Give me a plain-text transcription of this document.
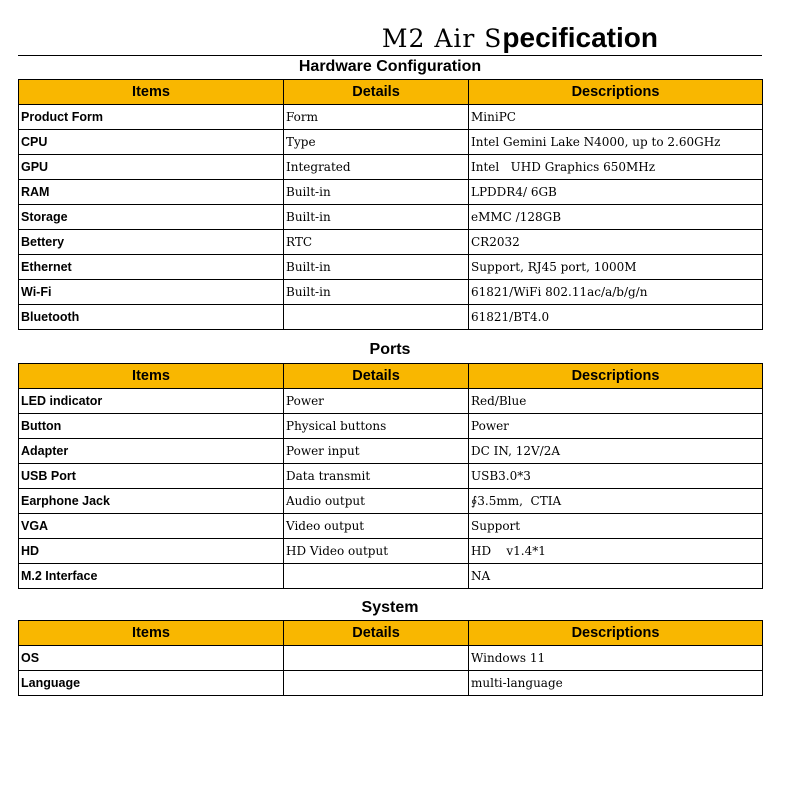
M2 Air Specification
Hardware Configuration
Items	Details	Descriptions
Product Form	Form	MiniPC
CPU	Type	Intel Gemini Lake N4000, up to 2.60GHz
GPU	Integrated	Intel   UHD Graphics 650MHz
RAM	Built-in	LPDDR4/ 6GB
Storage	Built-in	eMMC /128GB
Bettery	RTC	CR2032
Ethernet	Built-in	Support, RJ45 port, 1000M
Wi-Fi	Built-in	61821/WiFi 802.11ac/a/b/g/n
Bluetooth		61821/BT4.0
Ports
Items	Details	Descriptions
LED indicator	Power	Red/Blue
Button	Physical buttons	Power
Adapter	Power input	DC IN, 12V/2A
USB Port	Data transmit	USB3.0*3
Earphone Jack	Audio output	∮3.5mm,  CTIA
VGA	Video output	Support
HD	HD Video output	HD    v1.4*1
M.2 Interface		NA
System
Items	Details	Descriptions
OS		Windows 11
Language		multi-language
